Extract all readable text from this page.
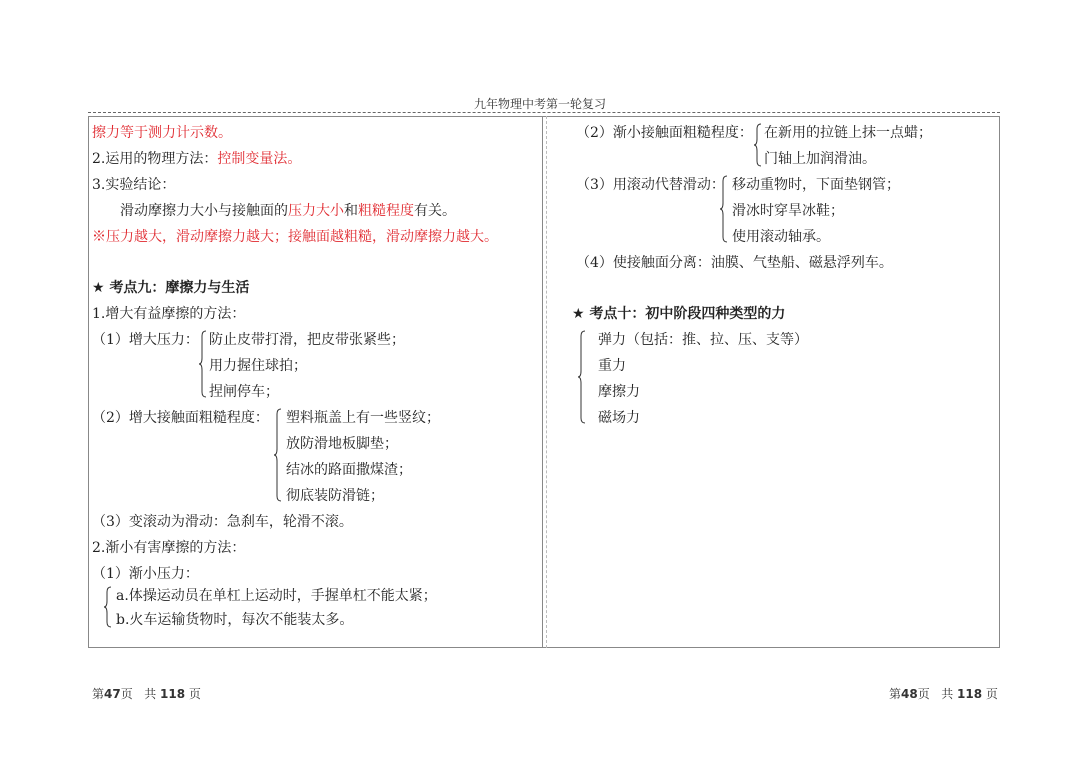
九年物理中考第一轮复习
擦力等于测力计示数。
2.运用的物理方法：控制变量法。
3.实验结论：
滑动摩擦力大小与接触面的压力大小和粗糙程度有关。
※压力越大，滑动摩擦力越大；接触面越粗糙，滑动摩擦力越大。
★ 考点九：摩擦力与生活
1.增大有益摩擦的方法：
（1）增大压力： 防止皮带打滑，把皮带张紧些；
用力握住球拍；
捏闸停车；
（2）增大接触面粗糙程度： 塑料瓶盖上有一些竖纹；
放防滑地板脚垫；
结冰的路面撒煤渣；
彻底装防滑链；
（3）变滚动为滑动：急刹车，轮滑不滚。
2.渐小有害摩擦的方法：
（1）渐小压力：
a.体操运动员在单杠上运动时，手握单杠不能太紧；
b.火车运输货物时，每次不能装太多。
（2）渐小接触面粗糙程度： 在新用的拉链上抹一点蜡；
门轴上加润滑油。
（3）用滚动代替滑动： 移动重物时，下面垫钢管；
滑冰时穿旱冰鞋；
使用滚动轴承。
（4）使接触面分离：油膜、气垫船、磁悬浮列车。
★ 考点十：初中阶段四种类型的力
弹力（包括：推、拉、压、支等）
重力
摩擦力
磁场力
第47页 共 118 页	第48页 共 118 页
